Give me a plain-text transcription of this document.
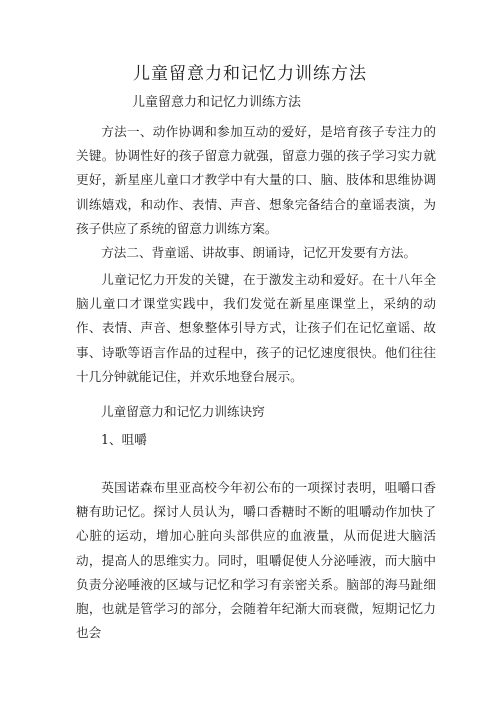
儿童留意力和记忆力训练方法
儿童留意力和记忆力训练方法
方法一、动作协调和参加互动的爱好，是培育孩子专注力的关键。协调性好的孩子留意力就强，留意力强的孩子学习实力就更好，新星座儿童口才教学中有大量的口、脑、肢体和思维协调训练嬉戏，和动作、表情、声音、想象完备结合的童谣表演，为孩子供应了系统的留意力训练方案。
方法二、背童谣、讲故事、朗诵诗，记忆开发要有方法。
儿童记忆力开发的关键，在于激发主动和爱好。在十八年全脑儿童口才课堂实践中，我们发觉在新星座课堂上，采纳的动作、表情、声音、想象整体引导方式，让孩子们在记忆童谣、故事、诗歌等语言作品的过程中，孩子的记忆速度很快。他们往往十几分钟就能记住，并欢乐地登台展示。
儿童留意力和记忆力训练诀窍
1、咀嚼
英国诺森布里亚高校今年初公布的一项探讨表明，咀嚼口香糖有助记忆。探讨人员认为，嚼口香糖时不断的咀嚼动作加快了心脏的运动，增加心脏向头部供应的血液量，从而促进大脑活动，提高人的思维实力。同时，咀嚼促使人分泌唾液，而大脑中负责分泌唾液的区域与记忆和学习有亲密关系。脑部的海马趾细胞，也就是管学习的部分，会随着年纪渐大而衰微，短期记忆力也会
